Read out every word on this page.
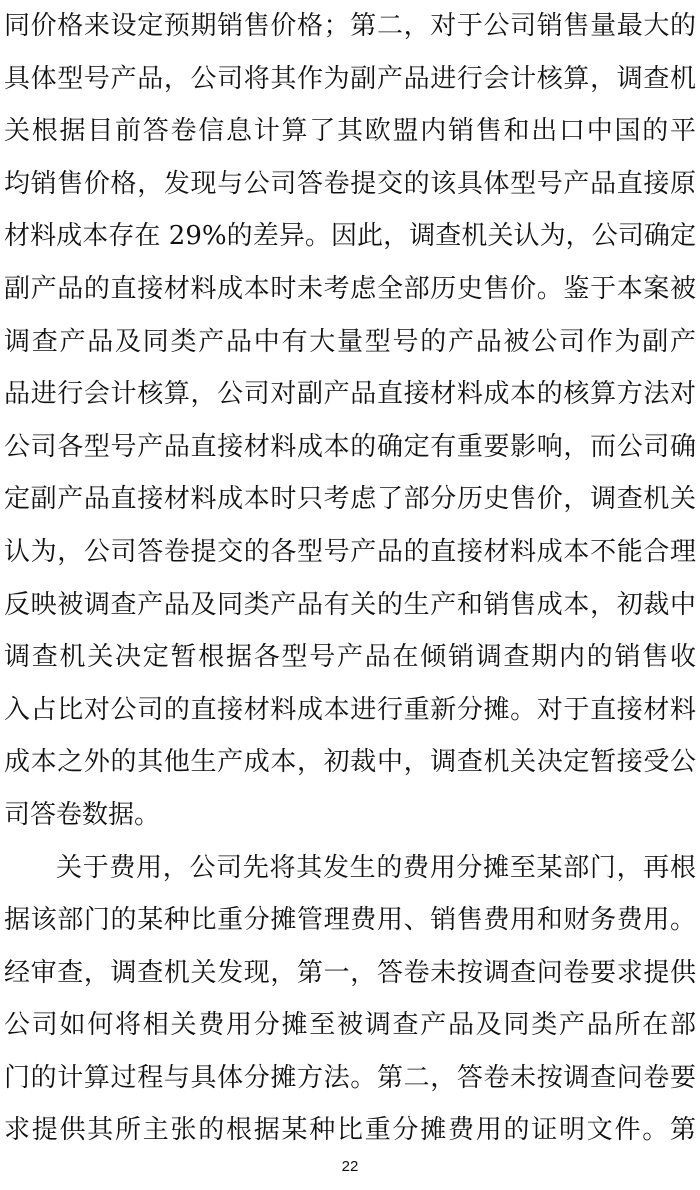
同价格来设定预期销售价格；第二，对于公司销售量最大的
具体型号产品，公司将其作为副产品进行会计核算，调查机
关根据目前答卷信息计算了其欧盟内销售和出口中国的平
均销售价格，发现与公司答卷提交的该具体型号产品直接原
材料成本存在 29%的差异。因此，调查机关认为，公司确定
副产品的直接材料成本时未考虑全部历史售价。鉴于本案被
调查产品及同类产品中有大量型号的产品被公司作为副产
品进行会计核算，公司对副产品直接材料成本的核算方法对
公司各型号产品直接材料成本的确定有重要影响，而公司确
定副产品直接材料成本时只考虑了部分历史售价，调查机关
认为，公司答卷提交的各型号产品的直接材料成本不能合理
反映被调查产品及同类产品有关的生产和销售成本，初裁中
调查机关决定暂根据各型号产品在倾销调查期内的销售收
入占比对公司的直接材料成本进行重新分摊。对于直接材料
成本之外的其他生产成本，初裁中，调查机关决定暂接受公
司答卷数据。
关于费用，公司先将其发生的费用分摊至某部门，再根
据该部门的某种比重分摊管理费用、销售费用和财务费用。
经审查，调查机关发现，第一，答卷未按调查问卷要求提供
公司如何将相关费用分摊至被调查产品及同类产品所在部
门的计算过程与具体分摊方法。第二，答卷未按调查问卷要
求提供其所主张的根据某种比重分摊费用的证明文件。第
22
